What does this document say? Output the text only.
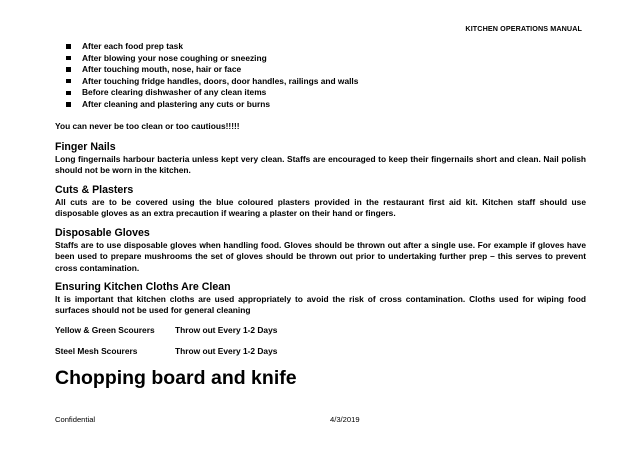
KITCHEN OPERATIONS MANUAL
After each food prep task
After blowing your nose coughing or sneezing
After touching mouth, nose, hair or face
After touching fridge handles, doors, door handles, railings and walls
Before clearing dishwasher of any clean items
After cleaning and plastering any cuts or burns
You can never be too clean or too cautious!!!!!
Finger Nails

Long fingernails harbour bacteria unless kept very clean. Staffs are encouraged to keep their fingernails short and clean. Nail polish should not be worn in the kitchen.

Cuts & Plasters

All cuts are to be covered using the blue coloured plasters provided in the restaurant first aid kit. Kitchen staff should use disposable gloves as an extra precaution if wearing a plaster on their hand or fingers.

Disposable Gloves

Staffs are to use disposable gloves when handling food. Gloves should be thrown out after a single use. For example if gloves have been used to prepare mushrooms the set of gloves should be thrown out prior to undertaking further prep – this serves to prevent cross contamination.

Ensuring Kitchen Cloths Are Clean

It is important that kitchen cloths are used appropriately to avoid the risk of cross contamination. Cloths used for wiping food surfaces should not be used for general cleaning

Yellow & Green Scourers Throw out Every 1-2 Days
Steel Mesh Scourers	Throw out Every 1-2 Days
Chopping board and knife
Confidential	4/3/2019
